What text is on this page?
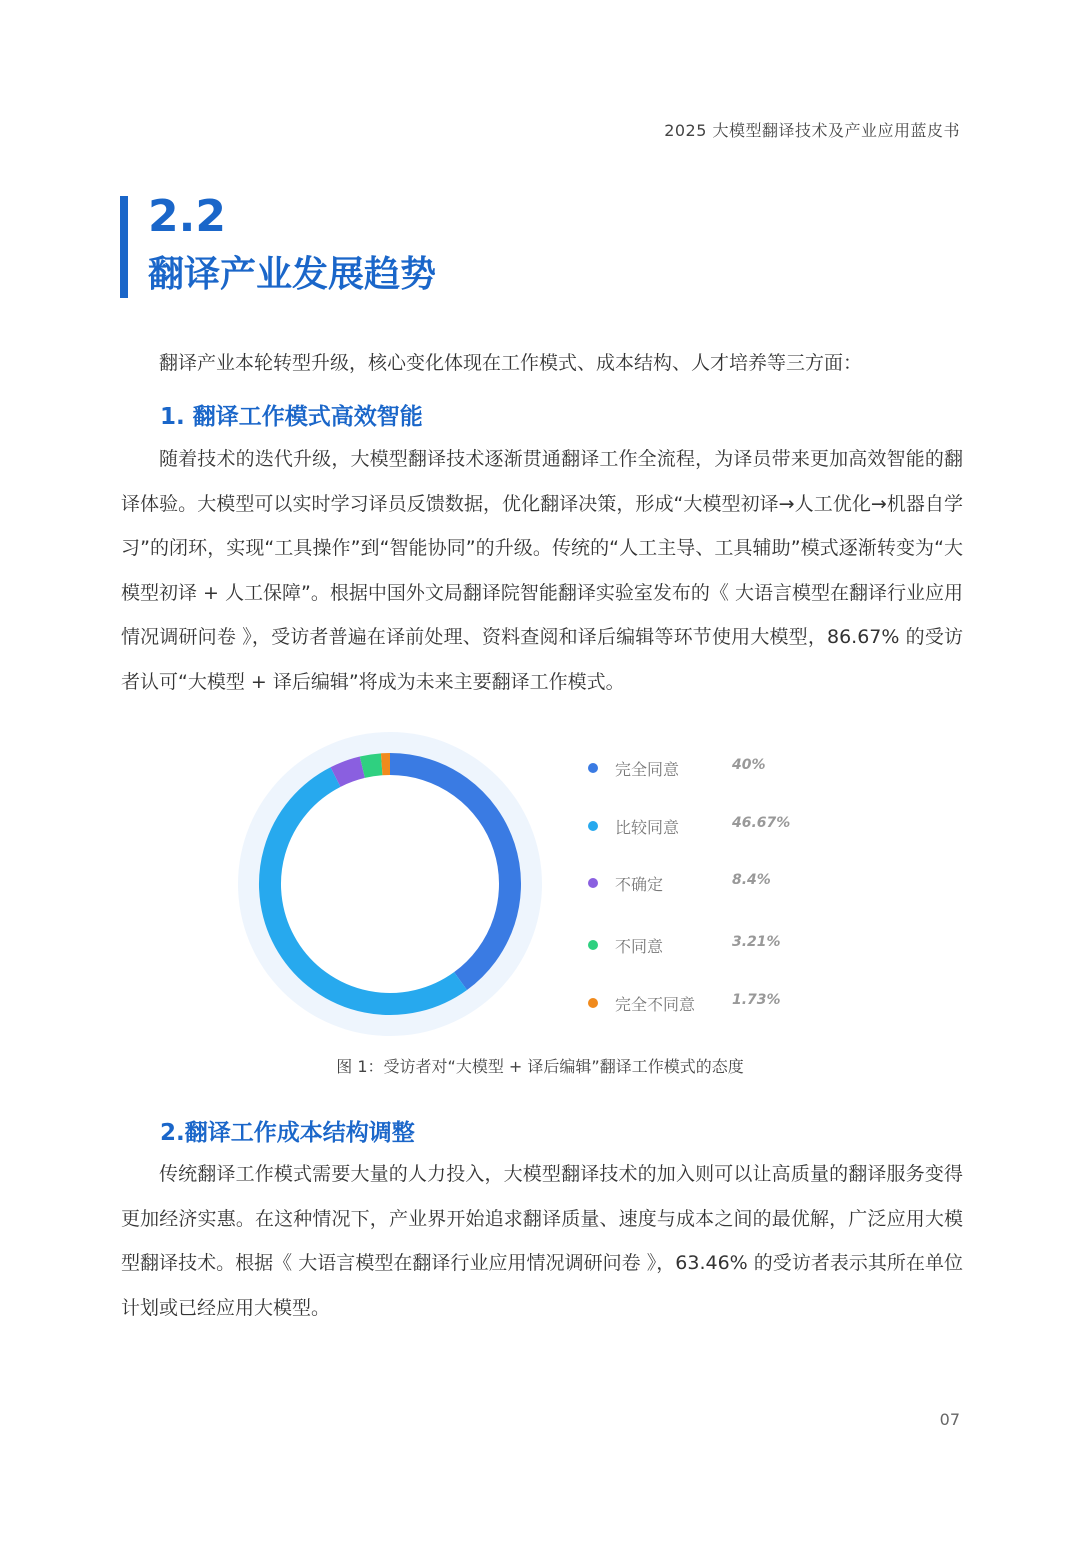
2025 大模型翻译技术及产业应用蓝皮书
2.2
翻译产业发展趋势

翻译产业本轮转型升级，核心变化体现在工作模式、成本结构、人才培养等三方面：

1. 翻译工作模式高效智能

随着技术的迭代升级，大模型翻译技术逐渐贯通翻译工作全流程，为译员带来更加高效智能的翻译体验。大模型可以实时学习译员反馈数据，优化翻译决策，形成“大模型初译→人工优化→机器自学习”的闭环，实现“工具操作”到“智能协同”的升级。传统的“人工主导、工具辅助”模式逐渐转变为“大模型初译 + 人工保障”。根据中国外文局翻译院智能翻译实验室发布的《 大语言模型在翻译行业应用情况调研问卷 》，受访者普遍在译前处理、资料查阅和译后编辑等环节使用大模型，86.67% 的受访者认可“大模型 + 译后编辑”将成为未来主要翻译工作模式。

完全同意	40%
比较同意	46.67%
不确定	8.4%
不同意	3.21%
完全不同意	1.73%
图 1：受访者对“大模型 + 译后编辑”翻译工作模式的态度
2.翻译工作成本结构调整

传统翻译工作模式需要大量的人力投入，大模型翻译技术的加入则可以让高质量的翻译服务变得更加经济实惠。在这种情况下，产业界开始追求翻译质量、速度与成本之间的最优解，广泛应用大模型翻译技术。根据《 大语言模型在翻译行业应用情况调研问卷 》，63.46% 的受访者表示其所在单位计划或已经应用大模型。

07
